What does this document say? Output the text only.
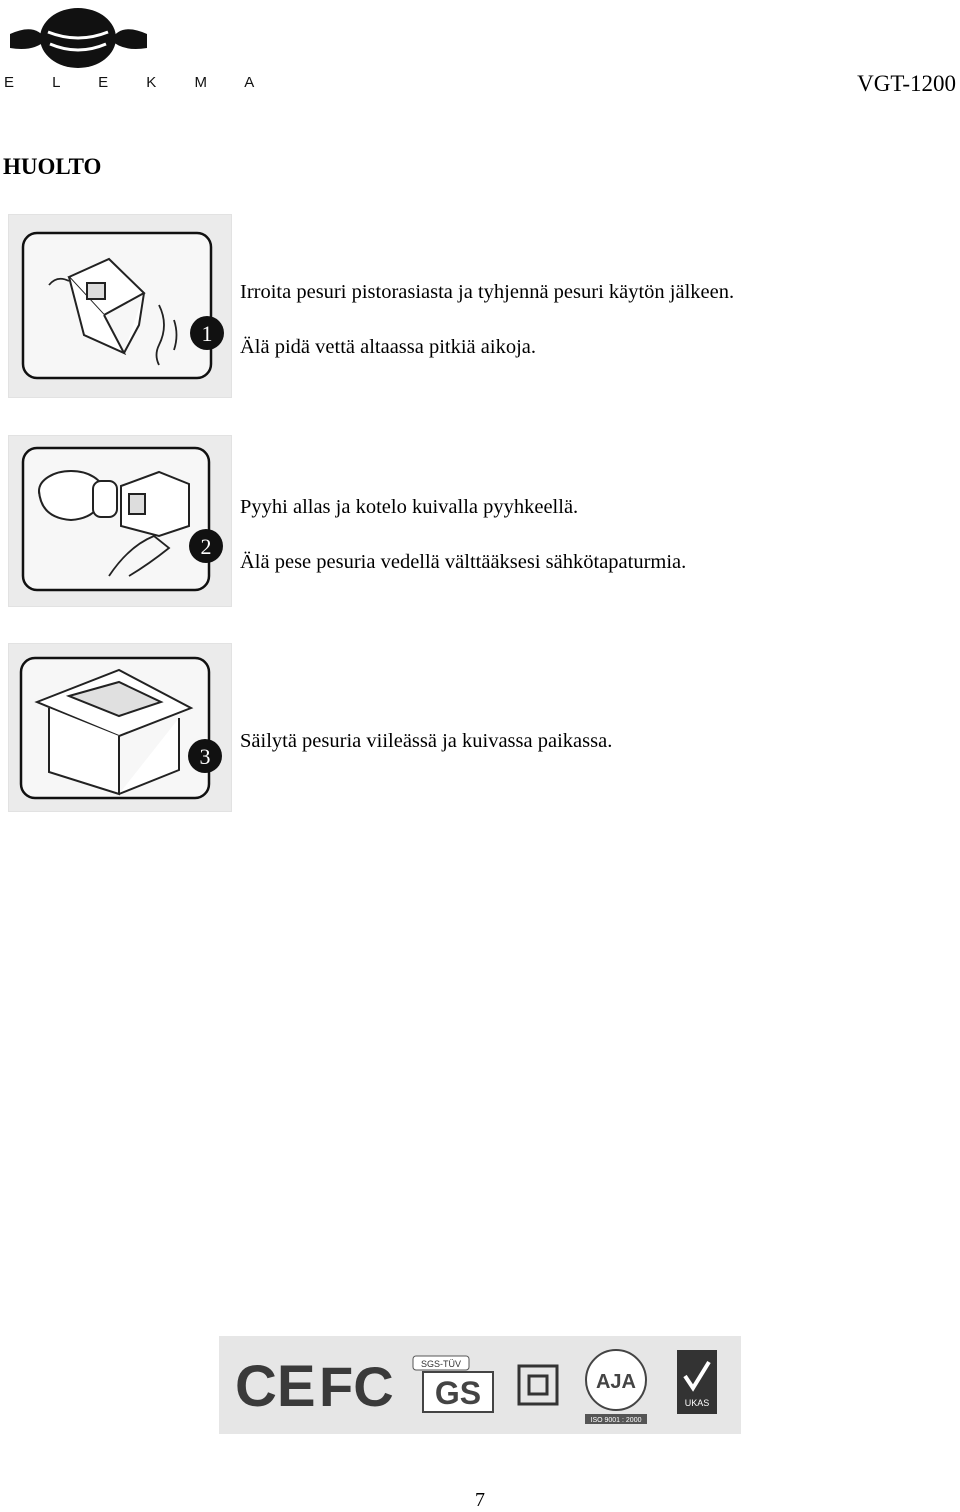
E L E K M A	VGT-1200
HUOLTO
1
Irroita pesuri pistorasiasta ja tyhjennä pesuri käytön jälkeen.
Älä pidä vettä altaassa pitkiä aikoja.
2
Pyyhi allas ja kotelo kuivalla pyyhkeellä.
Älä pese pesuria vedellä välttääksesi sähkötapaturmia.
3
Säilytä pesuria viileässä ja kuivassa paikassa.
CE FC	SGS-TÜV
GS	AJA
ISO 9001 : 2000
UKAS
7
